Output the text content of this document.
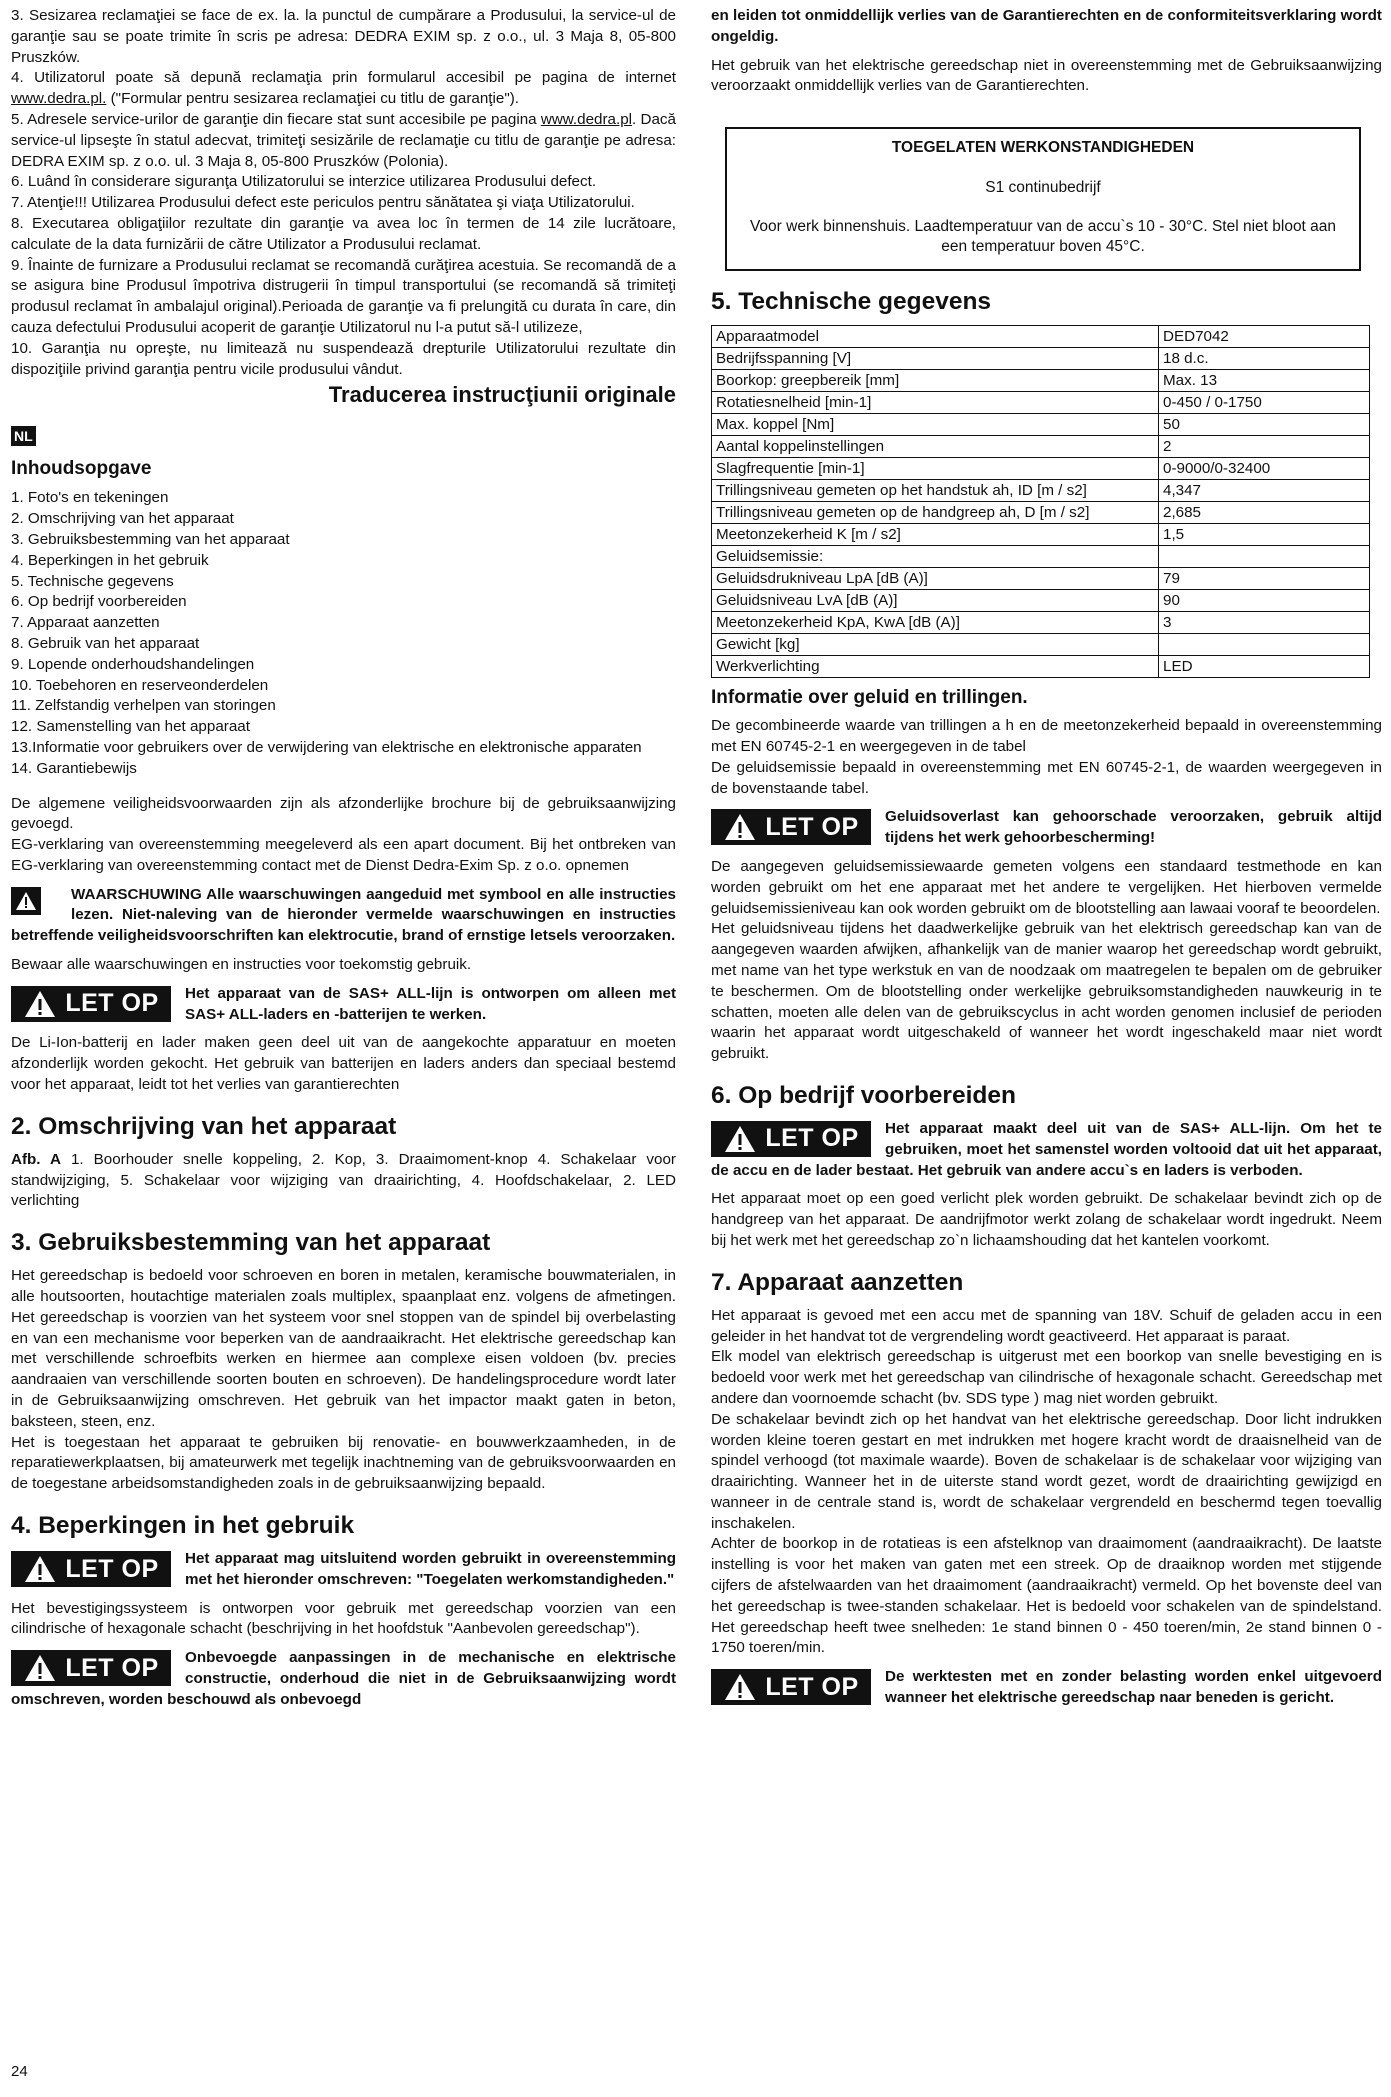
3. Sesizarea reclamaţiei se face de ex. la. la punctul de cumpărare a Produsului, la service-ul de garanţie sau se poate trimite în scris pe adresa: DEDRA EXIM sp. z o.o., ul. 3 Maja 8, 05-800 Pruszków.

4. Utilizatorul poate să depună reclamaţia prin formularul accesibil pe pagina de internet www.dedra.pl. ("Formular pentru sesizarea reclamaţiei cu titlu de garanţie").

5. Adresele service-urilor de garanţie din fiecare stat sunt accesibile pe pagina www.dedra.pl. Dacă service-ul lipseşte în statul adecvat, trimiteţi sesizările de reclamaţie cu titlu de garanţie pe adresa: DEDRA EXIM sp. z o.o. ul. 3 Maja 8, 05-800 Pruszków (Polonia).

6. Luând în considerare siguranţa Utilizatorului se interzice utilizarea Produsului defect.

7. Atenţie!!! Utilizarea Produsului defect este periculos pentru sănătatea şi viaţa Utilizatorului.

8. Executarea obligaţiilor rezultate din garanţie va avea loc în termen de 14 zile lucrătoare, calculate de la data furnizării de către Utilizator a Produsului reclamat.

9. Înainte de furnizare a Produsului reclamat se recomandă curăţirea acestuia. Se recomandă de a se asigura bine Produsul împotriva distrugerii în timpul transportului (se recomandă să trimiteţi produsul reclamat în ambalajul original).Perioada de garanţie va fi prelungită cu durata în care, din cauza defectului Produsului acoperit de garanţie Utilizatorul nu l-a putut să-l utilizeze,

10. Garanţia nu opreşte, nu limitează nu suspendează drepturile Utilizatorului rezultate din dispoziţiile privind garanţia pentru vicile produsului vândut.

Traducerea instrucţiunii originale
NL
Inhoudsopgave
1. Foto's en tekeningen
2. Omschrijving van het apparaat
3. Gebruiksbestemming van het apparaat
4. Beperkingen in het gebruik
5. Technische gegevens
6. Op bedrijf voorbereiden
7. Apparaat aanzetten
8. Gebruik van het apparaat
9. Lopende onderhoudshandelingen
10. Toebehoren en reserveonderdelen
11. Zelfstandig verhelpen van storingen
12. Samenstelling van het apparaat
13.Informatie voor gebruikers over de verwijdering van elektrische en elektronische apparaten
14. Garantiebewijs

De algemene veiligheidsvoorwaarden zijn als afzonderlijke brochure bij de gebruiksaanwijzing gevoegd.

EG-verklaring van overeenstemming meegeleverd als een apart document. Bij het ontbreken van EG-verklaring van overeenstemming contact met de Dienst Dedra-Exim Sp. z o.o. opnemen

WAARSCHUWING Alle waarschuwingen aangeduid met symbool en alle instructies lezen. Niet-naleving van de hieronder vermelde waarschuwingen en instructies betreffende veiligheidsvoorschriften kan elektrocutie, brand of ernstige letsels veroorzaken.

Bewaar alle waarschuwingen en instructies voor toekomstig gebruik.

LET OP	Het apparaat van de SAS+ ALL-lijn is ontworpen om alleen met SAS+ ALL-laders en -batterijen te werken.

De Li-Ion-batterij en lader maken geen deel uit van de aangekochte apparatuur en moeten afzonderlijk worden gekocht. Het gebruik van batterijen en laders anders dan speciaal bestemd voor het apparaat, leidt tot het verlies van garantierechten

2. Omschrijving van het apparaat

Afb. A 1. Boorhouder snelle koppeling, 2. Kop, 3. Draaimoment-knop 4. Schakelaar voor standwijziging, 5. Schakelaar voor wijziging van draairichting, 4. Hoofdschakelaar, 2. LED verlichting

3. Gebruiksbestemming van het apparaat

Het gereedschap is bedoeld voor schroeven en boren in metalen, keramische bouwmaterialen, in alle houtsoorten, houtachtige materialen zoals multiplex, spaanplaat enz. volgens de afmetingen. Het gereedschap is voorzien van het systeem voor snel stoppen van de spindel bij overbelasting en van een mechanisme voor beperken van de aandraaikracht. Het elektrische gereedschap kan met verschillende schroefbits werken en hiermee aan complexe eisen voldoen (bv. precies aandraaien van verschillende soorten bouten en schroeven). De handelingsprocedure wordt later in de Gebruiksaanwijzing omschreven. Het gebruik van het impactor maakt gaten in beton, baksteen, steen, enz.

Het is toegestaan het apparaat te gebruiken bij renovatie- en bouwwerkzaamheden, in de reparatiewerkplaatsen, bij amateurwerk met tegelijk inachtneming van de gebruiksvoorwaarden en de toegestane arbeidsomstandigheden zoals in de gebruiksaanwijzing bepaald.

4. Beperkingen in het gebruik
LET OP	Het apparaat mag uitsluitend worden gebruikt in overeenstemming met het hieronder omschreven: "Toegelaten werkomstandigheden."

Het bevestigingssysteem is ontworpen voor gebruik met gereedschap voorzien van een cilindrische of hexagonale schacht (beschrijving in het hoofdstuk "Aanbevolen gereedschap").

LET OP	Onbevoegde aanpassingen in de mechanische en elektrische constructie, onderhoud die niet in de Gebruiksaanwijzing wordt omschreven, worden beschouwd als onbevoegd

en leiden tot onmiddellijk verlies van de Garantierechten en de conformiteitsverklaring wordt ongeldig.

Het gebruik van het elektrische gereedschap niet in overeenstemming met de Gebruiksaanwijzing veroorzaakt onmiddellijk verlies van de Garantierechten.

TOEGELATEN WERKONSTANDIGHEDEN
S1 continubedrijf
Voor werk binnenshuis. Laadtemperatuur van de accu`s 10 - 30°C. Stel niet bloot aan een temperatuur boven 45°C.
5. Technische gegevens
Apparaatmodel	DED7042
Bedrijfsspanning [V]	18 d.c.
Boorkop: greepbereik [mm]	Max. 13
Rotatiesnelheid [min-1]	0-450 / 0-1750
Max. koppel [Nm]	50
Aantal koppelinstellingen	2
Slagfrequentie [min-1]	0-9000/0-32400
Trillingsniveau gemeten op het handstuk ah, ID [m / s2]	4,347
Trillingsniveau gemeten op de handgreep ah, D [m / s2]	2,685
Meetonzekerheid K [m / s2]	1,5
Geluidsemissie:	
Geluidsdrukniveau LpA [dB (A)]	79
Geluidsniveau LvA [dB (A)]	90
Meetonzekerheid KpA, KwA [dB (A)]	3
Gewicht [kg]	
Werkverlichting	LED
Informatie over geluid en trillingen.

De gecombineerde waarde van trillingen a h en de meetonzekerheid bepaald in overeenstemming met EN 60745-2-1 en weergegeven in de tabel

De geluidsemissie bepaald in overeenstemming met EN 60745-2-1, de waarden weergegeven in de bovenstaande tabel.

LET OP	Geluidsoverlast kan gehoorschade veroorzaken, gebruik altijd tijdens het werk gehoorbescherming!

De aangegeven geluidsemissiewaarde gemeten volgens een standaard testmethode en kan worden gebruikt om het ene apparaat met het andere te vergelijken. Het hierboven vermelde geluidsemissieniveau kan ook worden gebruikt om de blootstelling aan lawaai vooraf te beoordelen.

Het geluidsniveau tijdens het daadwerkelijke gebruik van het elektrisch gereedschap kan van de aangegeven waarden afwijken, afhankelijk van de manier waarop het gereedschap wordt gebruikt, met name van het type werkstuk en van de noodzaak om maatregelen te bepalen om de gebruiker te beschermen. Om de blootstelling onder werkelijke gebruiksomstandigheden nauwkeurig in te schatten, moeten alle delen van de gebruikscyclus in acht worden genomen inclusief de perioden waarin het apparaat wordt uitgeschakeld of wanneer het wordt ingeschakeld maar niet wordt gebruikt.

6. Op bedrijf voorbereiden
LET OP	Het apparaat maakt deel uit van de SAS+ ALL-lijn. Om het te gebruiken, moet het samenstel worden voltooid dat uit het apparaat, de accu en de lader bestaat. Het gebruik van andere accu`s en laders is verboden.

Het apparaat moet op een goed verlicht plek worden gebruikt. De schakelaar bevindt zich op de handgreep van het apparaat. De aandrijfmotor werkt zolang de schakelaar wordt ingedrukt. Neem bij het werk met het gereedschap zo`n lichaamshouding dat het kantelen voorkomt.

7. Apparaat aanzetten

Het apparaat is gevoed met een accu met de spanning van 18V. Schuif de geladen accu in een geleider in het handvat tot de vergrendeling wordt geactiveerd. Het apparaat is paraat.

Elk model van elektrisch gereedschap is uitgerust met een boorkop van snelle bevestiging en is bedoeld voor werk met het gereedschap van cilindrische of hexagonale schacht. Gereedschap met andere dan voornoemde schacht (bv. SDS type ) mag niet worden gebruikt.

De schakelaar bevindt zich op het handvat van het elektrische gereedschap. Door licht indrukken worden kleine toeren gestart en met indrukken met hogere kracht wordt de draaisnelheid van de spindel verhoogd (tot maximale waarde). Boven de schakelaar is de schakelaar voor wijziging van draairichting. Wanneer het in de uiterste stand wordt gezet, wordt de draairichting gewijzigd en wanneer in de centrale stand is, wordt de schakelaar vergrendeld en beschermd tegen toevallig inschakelen.

Achter de boorkop in de rotatieas is een afstelknop van draaimoment (aandraaikracht). De laatste instelling is voor het maken van gaten met een streek. Op de draaiknop worden met stijgende cijfers de afstelwaarden van het draaimoment (aandraaikracht) vermeld. Op het bovenste deel van het gereedschap is twee-standen schakelaar. Het is bedoeld voor schakelen van de spindelstand. Het gereedschap heeft twee snelheden: 1e stand binnen 0 - 450 toeren/min, 2e stand binnen 0 - 1750 toeren/min.

LET OP	De werktesten met en zonder belasting worden enkel uitgevoerd wanneer het elektrische gereedschap naar beneden is gericht.

24
